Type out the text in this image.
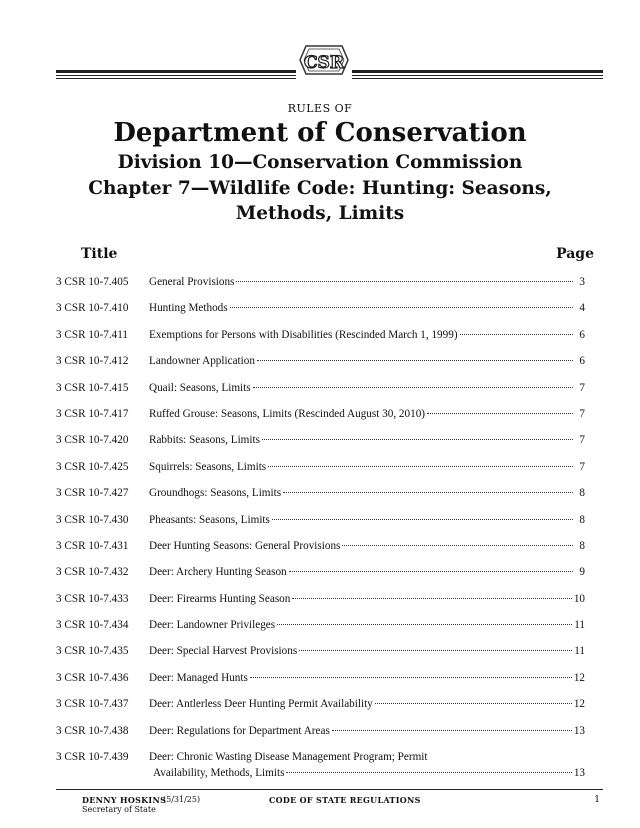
CSR
RULES OF
Department of Conservation
Division 10—Conservation Commission
Chapter 7—Wildlife Code: Hunting: Seasons,
Methods, Limits
Title	Page
3 CSR 10-7.405 General Provisions	3
3 CSR 10-7.410 Hunting Methods	4
3 CSR 10-7.411 Exemptions for Persons with Disabilities (Rescinded March 1, 1999)	6
3 CSR 10-7.412 Landowner Application	6
3 CSR 10-7.415 Quail: Seasons, Limits	7
3 CSR 10-7.417 Ruffed Grouse: Seasons, Limits (Rescinded August 30, 2010)	7
3 CSR 10-7.420 Rabbits: Seasons, Limits	7
3 CSR 10-7.425 Squirrels: Seasons, Limits	7
3 CSR 10-7.427 Groundhogs: Seasons, Limits	8
3 CSR 10-7.430 Pheasants: Seasons, Limits	8
3 CSR 10-7.431 Deer Hunting Seasons: General Provisions	8
3 CSR 10-7.432 Deer: Archery Hunting Season	9
3 CSR 10-7.433 Deer: Firearms Hunting Season	10
3 CSR 10-7.434 Deer: Landowner Privileges	11
3 CSR 10-7.435 Deer: Special Harvest Provisions	11
3 CSR 10-7.436 Deer: Managed Hunts	12
3 CSR 10-7.437 Deer: Antlerless Deer Hunting Permit Availability	12
3 CSR 10-7.438 Deer: Regulations for Department Areas	13
3 CSR 10-7.439 Deer: Chronic Wasting Disease Management Program; Permit
Availability, Methods, Limits	13
DENNY HOSKINS
Secretary of State
(5/31/25)	CODE OF STATE REGULATIONS	1
